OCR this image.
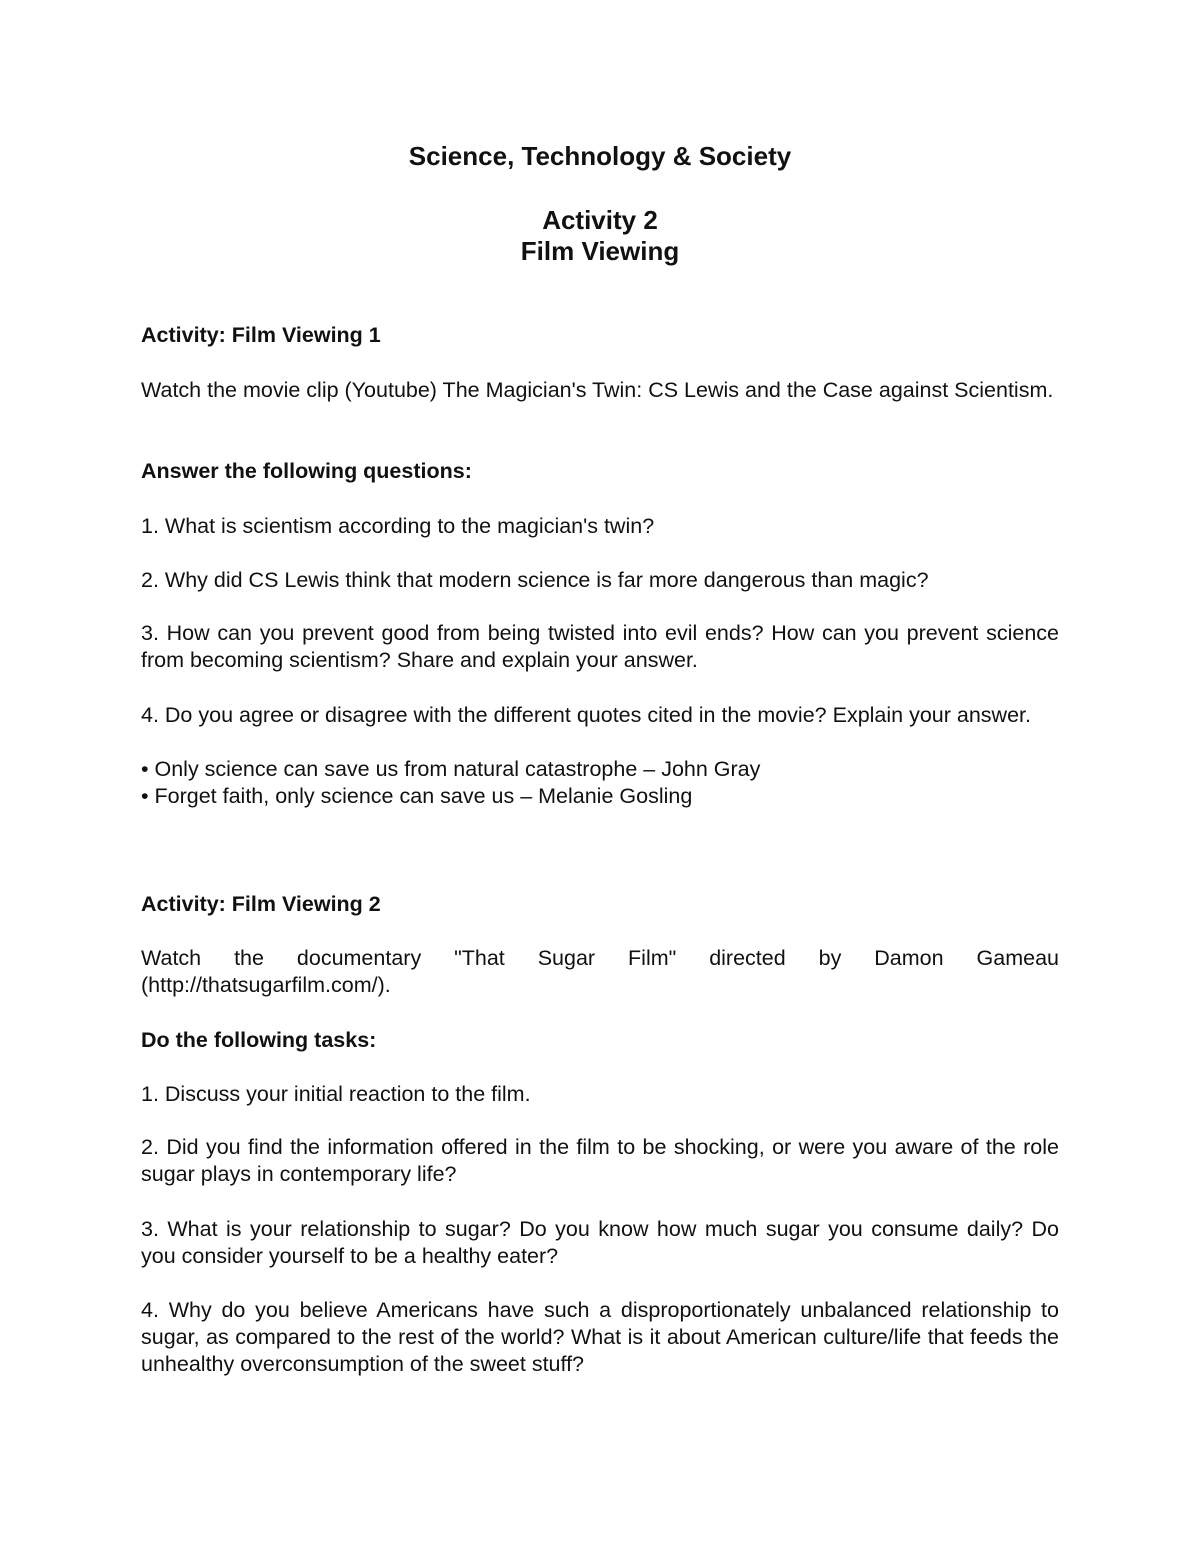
Science, Technology & Society

Activity 2

Film Viewing

Activity: Film Viewing 1

Watch the movie clip (Youtube) The Magician's Twin: CS Lewis and the Case against Scientism.

Answer the following questions:

1. What is scientism according to the magician's twin?

2. Why did CS Lewis think that modern science is far more dangerous than magic?

3. How can you prevent good from being twisted into evil ends? How can you prevent science from becoming scientism? Share and explain your answer.

4. Do you agree or disagree with the different quotes cited in the movie? Explain your answer.

• Only science can save us from natural catastrophe – John Gray

• Forget faith, only science can save us – Melanie Gosling

Activity: Film Viewing 2

Watch the documentary "That Sugar Film" directed by Damon Gameau (http://thatsugarfilm.com/).

Do the following tasks:

1. Discuss your initial reaction to the film.

2. Did you find the information offered in the film to be shocking, or were you aware of the role sugar plays in contemporary life?

3. What is your relationship to sugar? Do you know how much sugar you consume daily? Do you consider yourself to be a healthy eater?

4. Why do you believe Americans have such a disproportionately unbalanced relationship to sugar, as compared to the rest of the world? What is it about American culture/life that feeds the unhealthy overconsumption of the sweet stuff?
